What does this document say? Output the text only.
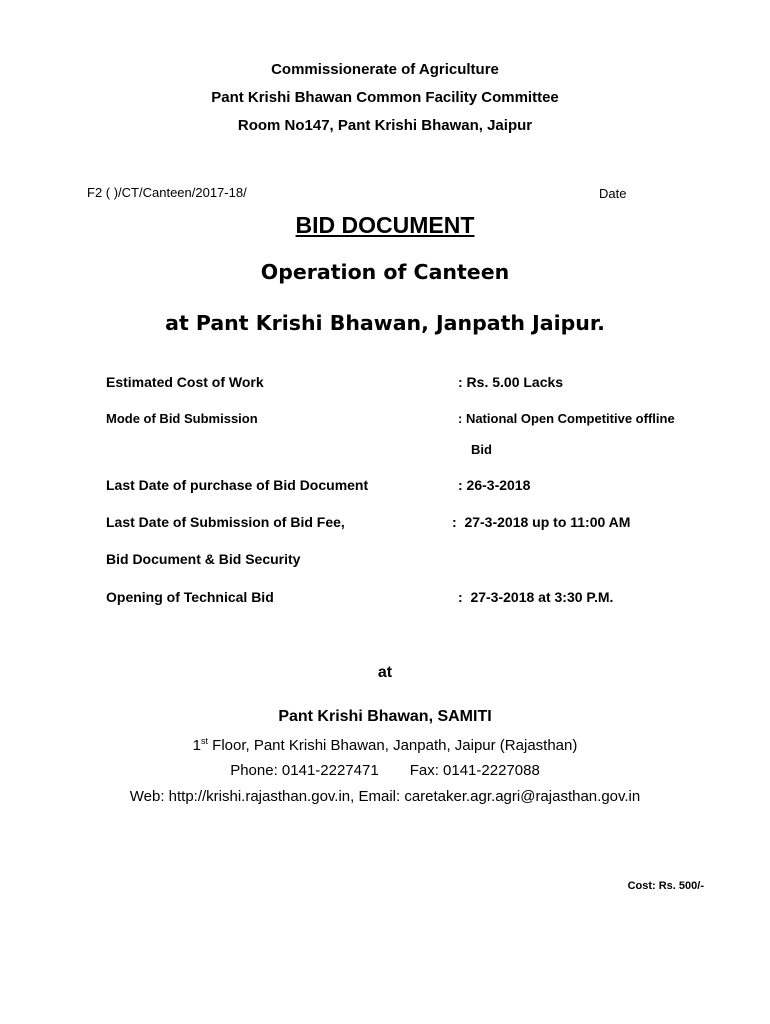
Commissionerate of Agriculture
Pant Krishi Bhawan Common Facility Committee
Room No147, Pant Krishi Bhawan, Jaipur
F2 ( )/CT/Canteen/2017-18/	Date
BID DOCUMENT
Operation of Canteen
at Pant Krishi Bhawan, Janpath Jaipur.
Estimated Cost of Work	: Rs. 5.00 Lacks
Mode of Bid Submission	: National Open Competitive offline
Bid
Last Date of purchase of Bid Document	: 26-3-2018
Last Date of Submission of Bid Fee,	:  27-3-2018 up to 11:00 AM
Bid Document & Bid Security
Opening of Technical Bid	:  27-3-2018 at 3:30 P.M.
at
Pant Krishi Bhawan, SAMITI
1st Floor, Pant Krishi Bhawan, Janpath, Jaipur (Rajasthan)
Phone: 0141-2227471 Fax: 0141-2227088
Web: http://krishi.rajasthan.gov.in, Email: caretaker.agr.agri@rajasthan.gov.in
Cost: Rs. 500/-
